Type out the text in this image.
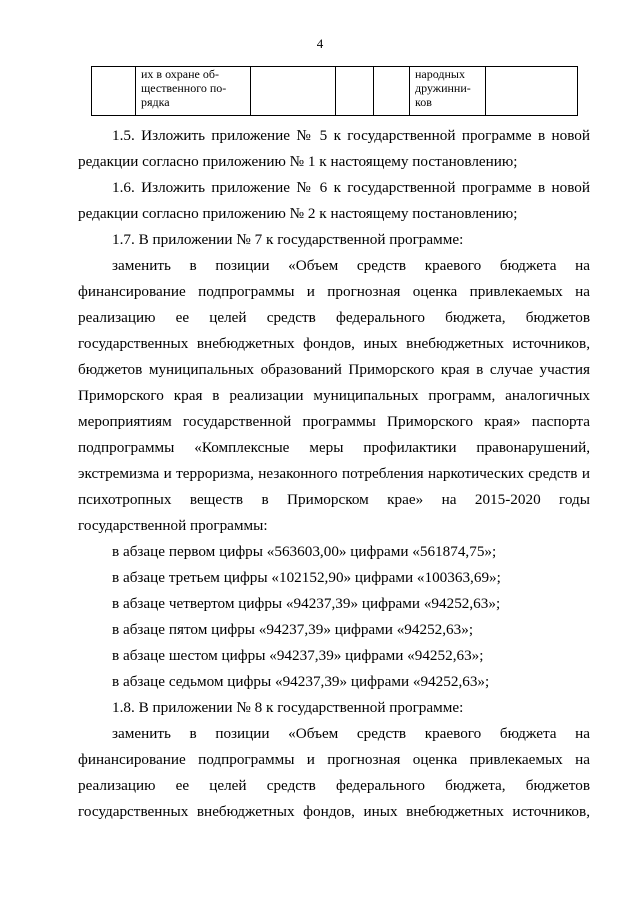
4
	их в охране об-
щественного по-
рядка				народных
дружинни-
ков	
1.5. Изложить приложение № 5 к государственной программе в новой
редакции согласно приложению № 1 к настоящему постановлению;
1.6. Изложить приложение № 6 к государственной программе в новой
редакции согласно приложению № 2 к настоящему постановлению;
1.7. В приложении № 7 к государственной программе:
заменить в позиции «Объем средств краевого бюджета на
финансирование подпрограммы и прогнозная оценка привлекаемых на
реализацию ее целей средств федерального бюджета, бюджетов
государственных внебюджетных фондов, иных внебюджетных источников,
бюджетов муниципальных образований Приморского края в случае участия
Приморского края в реализации муниципальных программ, аналогичных
мероприятиям государственной программы Приморского края» паспорта
подпрограммы «Комплексные меры профилактики правонарушений,
экстремизма и терроризма, незаконного потребления наркотических средств и
психотропных веществ в Приморском крае» на 2015-2020 годы
государственной программы:
в абзаце первом цифры «563603,00» цифрами «561874,75»;
в абзаце третьем цифры «102152,90» цифрами «100363,69»;
в абзаце четвертом цифры «94237,39» цифрами «94252,63»;
в абзаце пятом цифры «94237,39» цифрами «94252,63»;
в абзаце шестом цифры «94237,39» цифрами «94252,63»;
в абзаце седьмом цифры «94237,39» цифрами «94252,63»;
1.8. В приложении № 8 к государственной программе:
заменить в позиции «Объем средств краевого бюджета на
финансирование подпрограммы и прогнозная оценка привлекаемых на
реализацию ее целей средств федерального бюджета, бюджетов
государственных внебюджетных фондов, иных внебюджетных источников,
